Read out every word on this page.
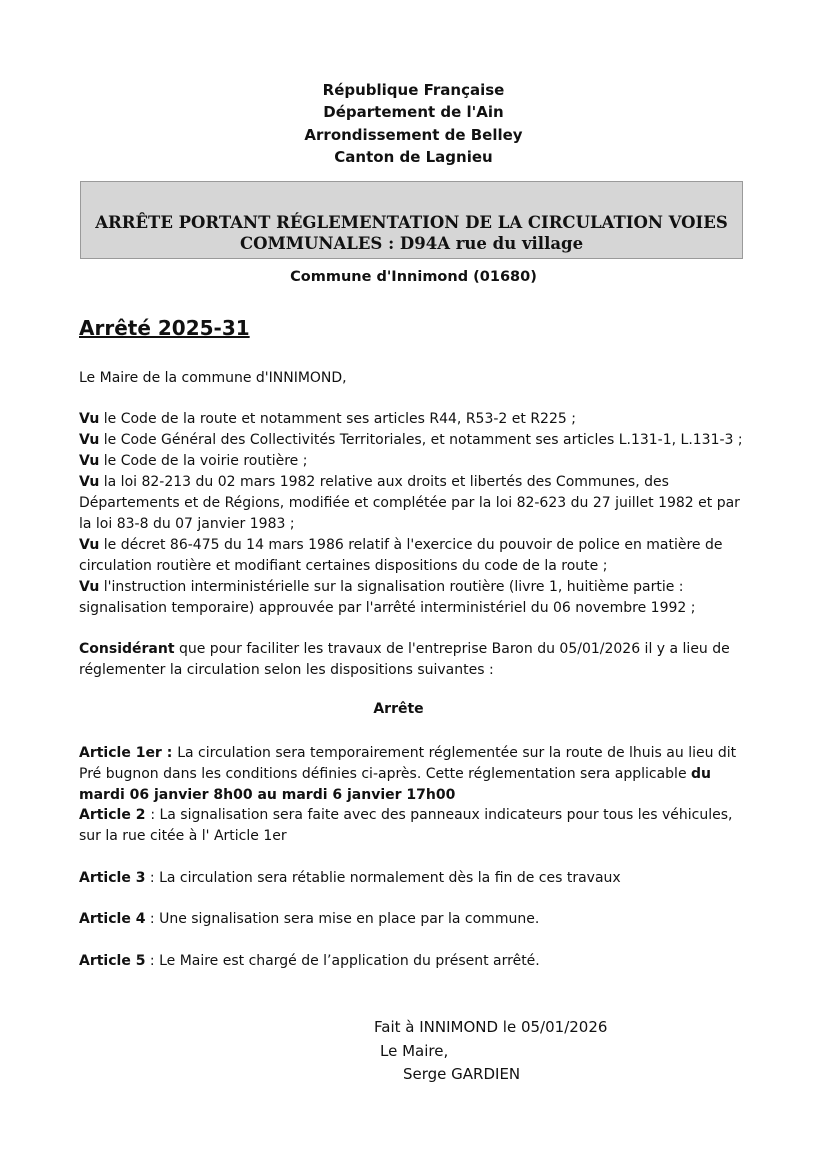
République Française
Département de l'Ain
Arrondissement de Belley
Canton de Lagnieu
ARRÊTE PORTANT RÉGLEMENTATION DE LA CIRCULATION VOIES
COMMUNALES : D94A rue du village
Commune d'Innimond (01680)
Arrêté 2025-31
Le Maire de la commune d'INNIMOND,
Vu le Code de la route et notamment ses articles R44, R53-2 et R225 ;
Vu le Code Général des Collectivités Territoriales, et notamment ses articles L.131-1, L.131-3 ;
Vu le Code de la voirie routière ;
Vu la loi 82-213 du 02 mars 1982 relative aux droits et libertés des Communes, des
Départements et de Régions, modifiée et complétée par la loi 82-623 du 27 juillet 1982 et par
la loi 83-8 du 07 janvier 1983 ;
Vu le décret 86-475 du 14 mars 1986 relatif à l'exercice du pouvoir de police en matière de
circulation routière et modifiant certaines dispositions du code de la route ;
Vu l'instruction interministérielle sur la signalisation routière (livre 1, huitième partie :
signalisation temporaire) approuvée par l'arrêté interministériel du 06 novembre 1992 ;
Considérant que pour faciliter les travaux de l'entreprise Baron du 05/01/2026 il y a lieu de
réglementer la circulation selon les dispositions suivantes :
Arrête
Article 1er : La circulation sera temporairement réglementée sur la route de lhuis au lieu dit
Pré bugnon dans les conditions définies ci-après. Cette réglementation sera applicable du
mardi 06 janvier 8h00 au mardi 6 janvier 17h00
Article 2 : La signalisation sera faite avec des panneaux indicateurs pour tous les véhicules,
sur la rue citée à l' Article 1er
Article 3 : La circulation sera rétablie normalement dès la fin de ces travaux
Article 4 : Une signalisation sera mise en place par la commune.
Article 5 : Le Maire est chargé de l’application du présent arrêté.
Fait à INNIMOND le 05/01/2026
Le Maire,
Serge GARDIEN
